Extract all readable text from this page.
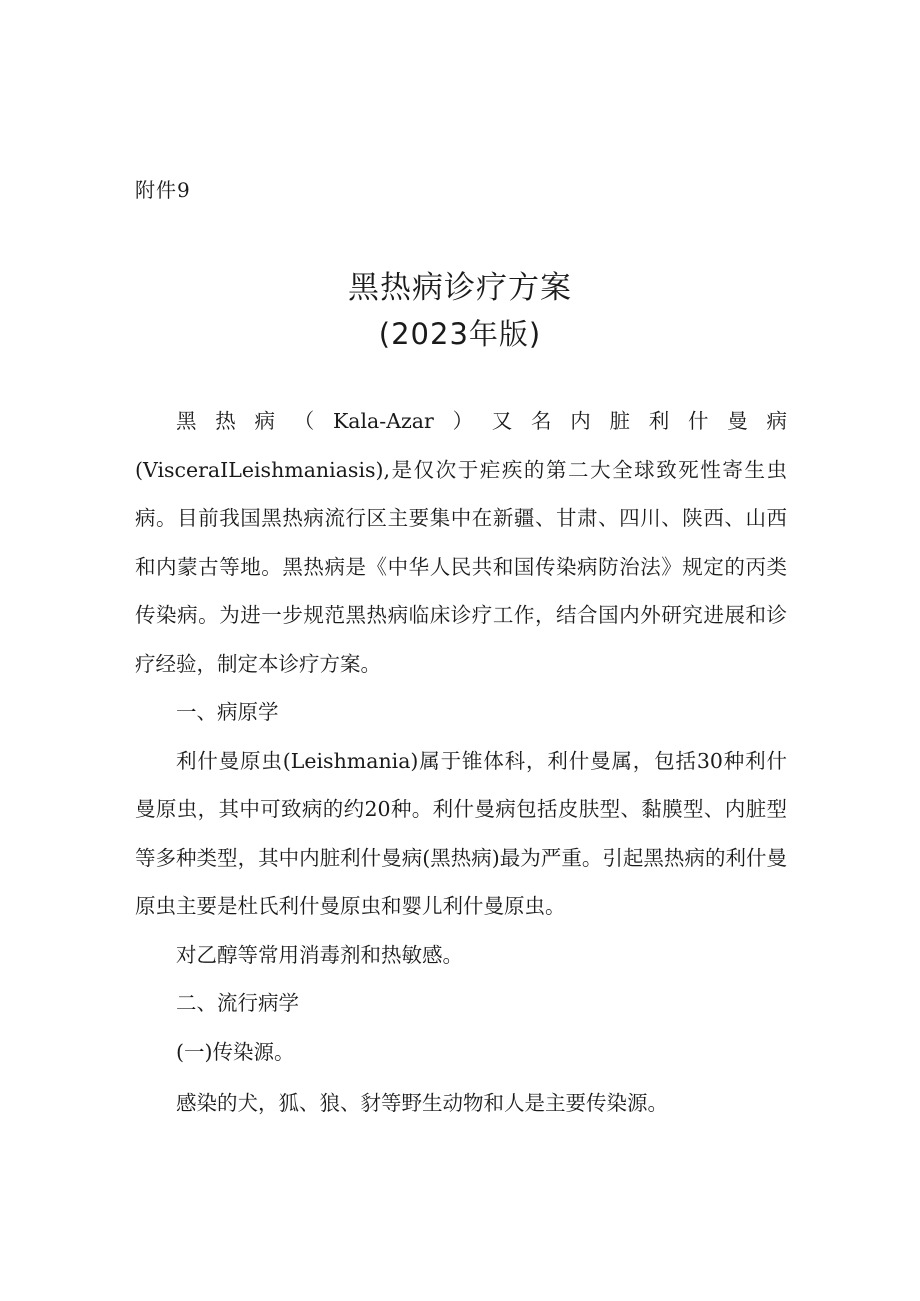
附件9
黑热病诊疗方案
(2023年版)

黑热病（Kala-Azar）又名内脏利什曼病(VisceraILeishmaniasis),是仅次于疟疾的第二大全球致死性寄生虫病。目前我国黑热病流行区主要集中在新疆、甘肃、四川、陕西、山西和内蒙古等地。黑热病是《中华人民共和国传染病防治法》规定的丙类传染病。为进一步规范黑热病临床诊疗工作，结合国内外研究进展和诊疗经验，制定本诊疗方案。

一、病原学

利什曼原虫(Leishmania)属于锥体科，利什曼属，包括30种利什曼原虫，其中可致病的约20种。利什曼病包括皮肤型、黏膜型、内脏型等多种类型，其中内脏利什曼病(黑热病)最为严重。引起黑热病的利什曼原虫主要是杜氏利什曼原虫和婴儿利什曼原虫。

对乙醇等常用消毒剂和热敏感。

二、流行病学

(一)传染源。

感染的犬，狐、狼、豺等野生动物和人是主要传染源。
